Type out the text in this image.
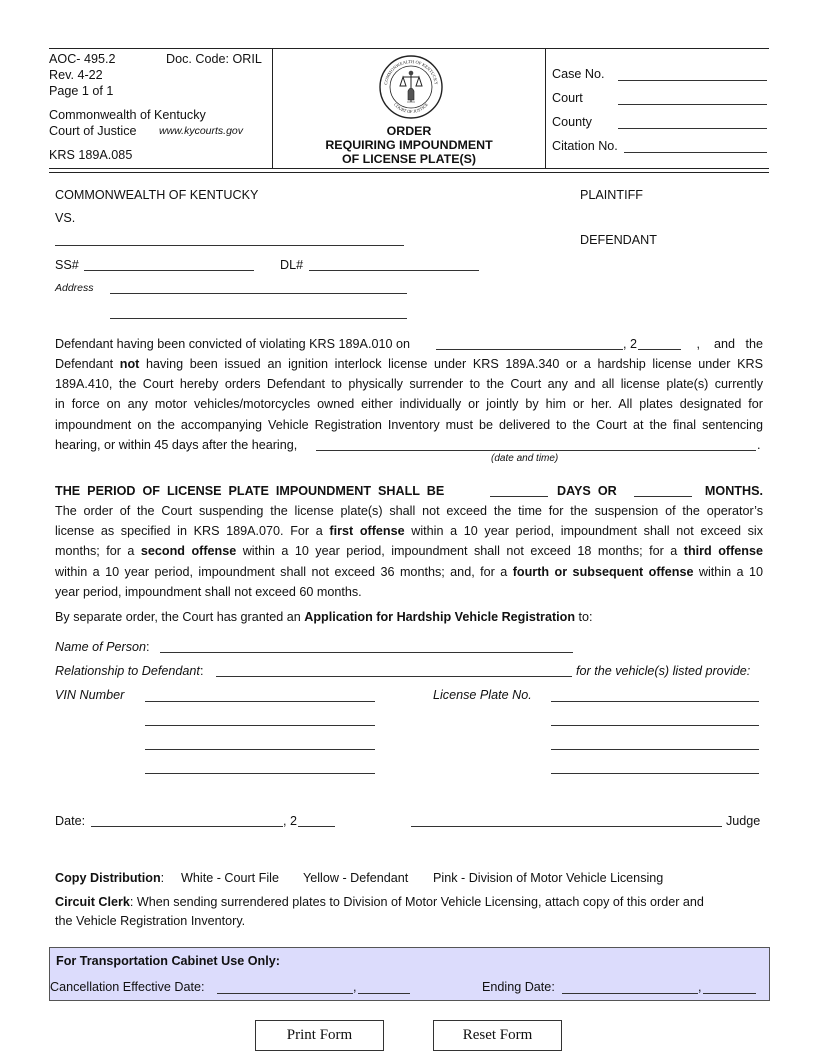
AOC- 495.2	Doc. Code: ORIL
Rev. 4-22
Page 1 of 1
Commonwealth of Kentucky
Court of Justice www.kycourts.gov
KRS 189A.085
COMMONWEALTH OF KENTUCKY
COURT OF JUSTICE
ORDER
REQUIRING IMPOUNDMENT
OF LICENSE PLATE(S)
Case No.
Court
County
Citation No.
COMMONWEALTH OF KENTUCKY	PLAINTIFF
VS.
DEFENDANT
SS#	DL#
Address
Defendant having been convicted of violating KRS 189A.010 on	, 2	,    and   the

Defendant not having been issued an ignition interlock license under KRS 189A.340 or a hardship license under KRS

189A.410, the Court hereby orders Defendant to physically surrender to the Court any and all license plate(s) currently

in force on any motor vehicles/motorcycles owned either individually or jointly by him or her. All plates designated for

impoundment on the accompanying Vehicle Registration Inventory must be delivered to the Court at the final sentencing

hearing, or within 45 days after the hearing,	.
(date and time)
THE  PERIOD  OF  LICENSE  PLATE  IMPOUNDMENT  SHALL  BE	DAYS  OR	MONTHS.

The order of the Court suspending the license plate(s) shall not exceed the time for the suspension of the operator’s

license as specified in KRS 189A.070. For a first offense within a 10 year period, impoundment shall not exceed six

months; for a second offense within a 10 year period, impoundment shall not exceed 18 months; for a third offense

within a 10 year period, impoundment shall not exceed 36 months; and, for a fourth or subsequent offense within a 10

year period, impoundment shall not exceed 60 months.

By separate order, the Court has granted an Application for Hardship Vehicle Registration to:
Name of Person:
Relationship to Defendant:	for the vehicle(s) listed provide:
VIN Number	License Plate No.
Date:	, 2	Judge
Copy Distribution: White - Court File Yellow - Defendant Pink - Division of Motor Vehicle Licensing
Circuit Clerk: When sending surrendered plates to Division of Motor Vehicle Licensing, attach copy of this order and
the Vehicle Registration Inventory.
For Transportation Cabinet Use Only:
Cancellation Effective Date:	,	Ending Date:	,
Print Form	Reset Form
